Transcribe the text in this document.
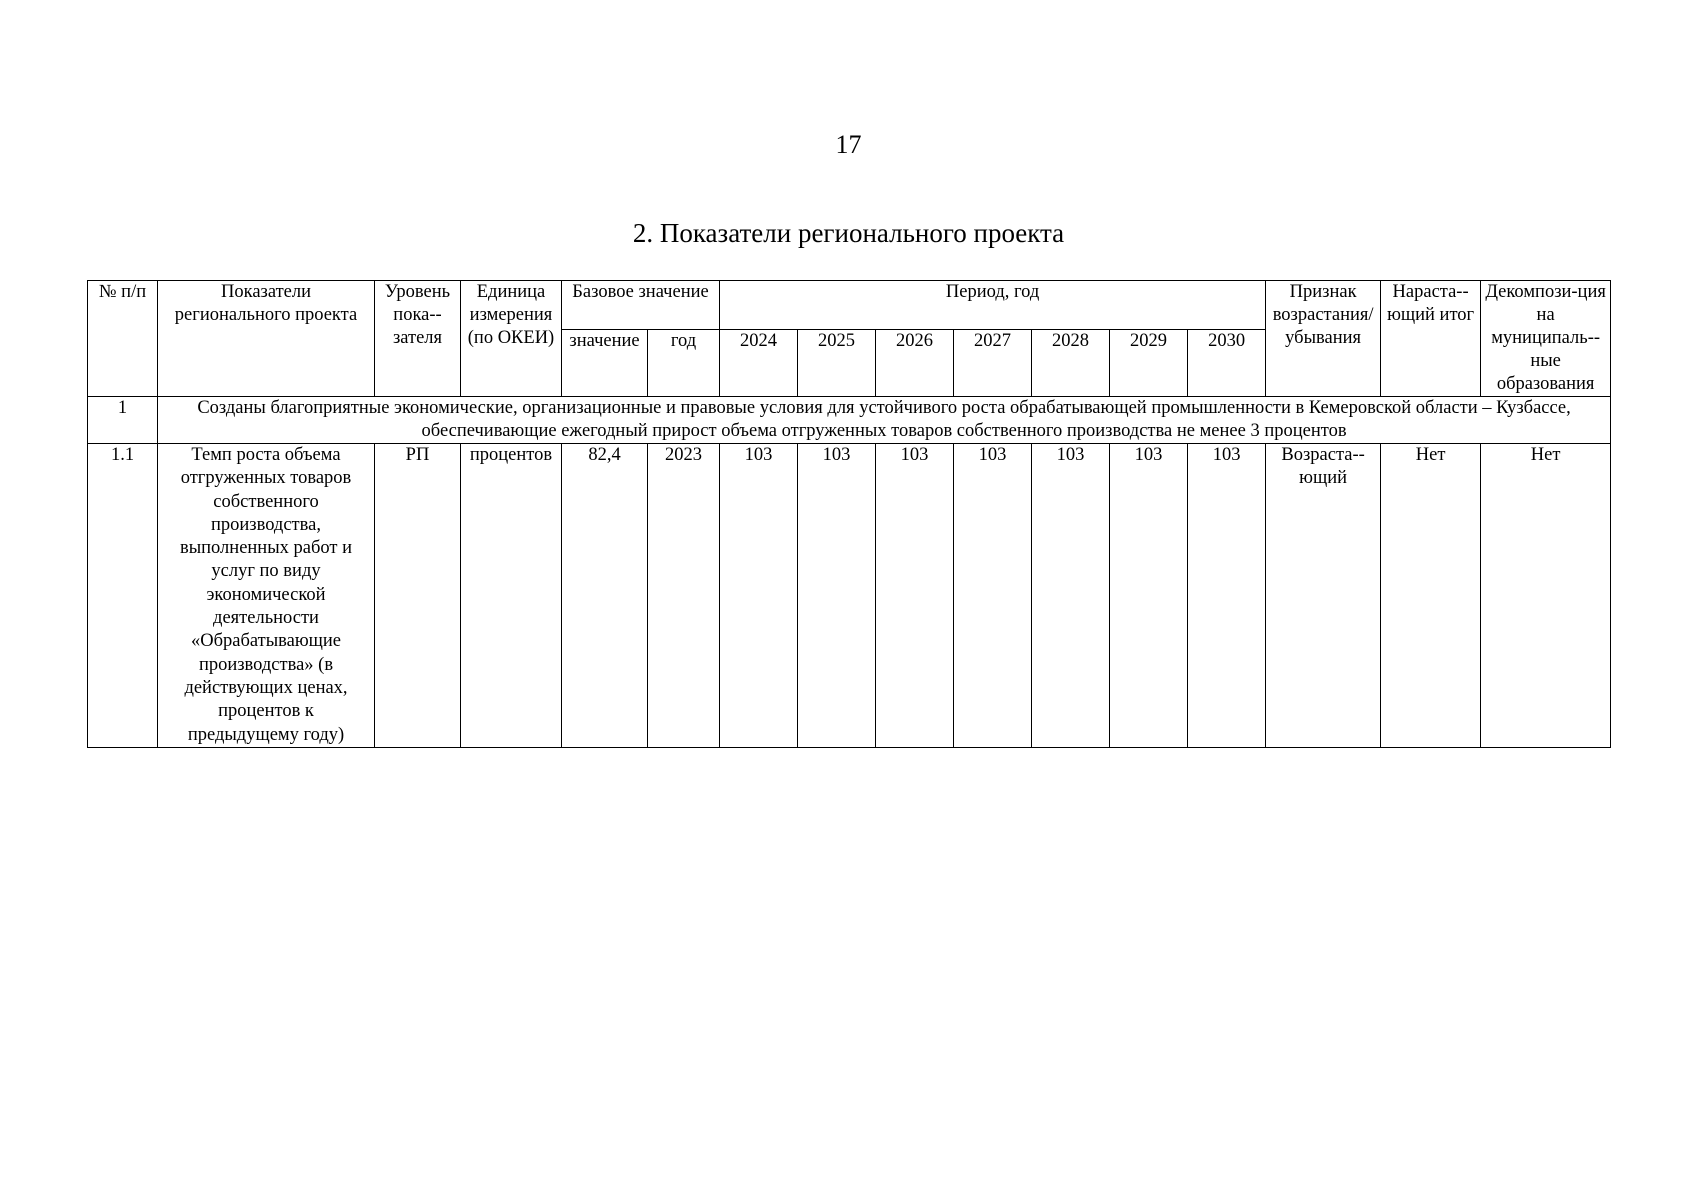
17
2. Показатели регионального проекта
№ п/п	Показатели регионального проекта	Уровень пока-зателя	Единица измерения (по ОКЕИ)	Базовое значение		Период, год							Признак возрастания/ убывания	Нараста-ющий итог	Декомпози-ция на муниципаль-ные образования
				значение	год	2024	2025	2026	2027	2028	2029	2030			
1	Созданы благоприятные экономические, организационные и правовые условия для устойчивого роста обрабатывающей промышленности в Кемеровской области – Кузбассе, обеспечивающие ежегодный прирост объема отгруженных товаров собственного производства не менее 3 процентов														
1.1	Темп роста объема отгруженных товаров собственного производства, выполненных работ и услуг по виду экономической деятельности «Обрабатывающие производства» (в действующих ценах, процентов к предыдущему году)	РП	процентов	82,4	2023	103	103	103	103	103	103	103	Возраста-ющий	Нет	Нет
